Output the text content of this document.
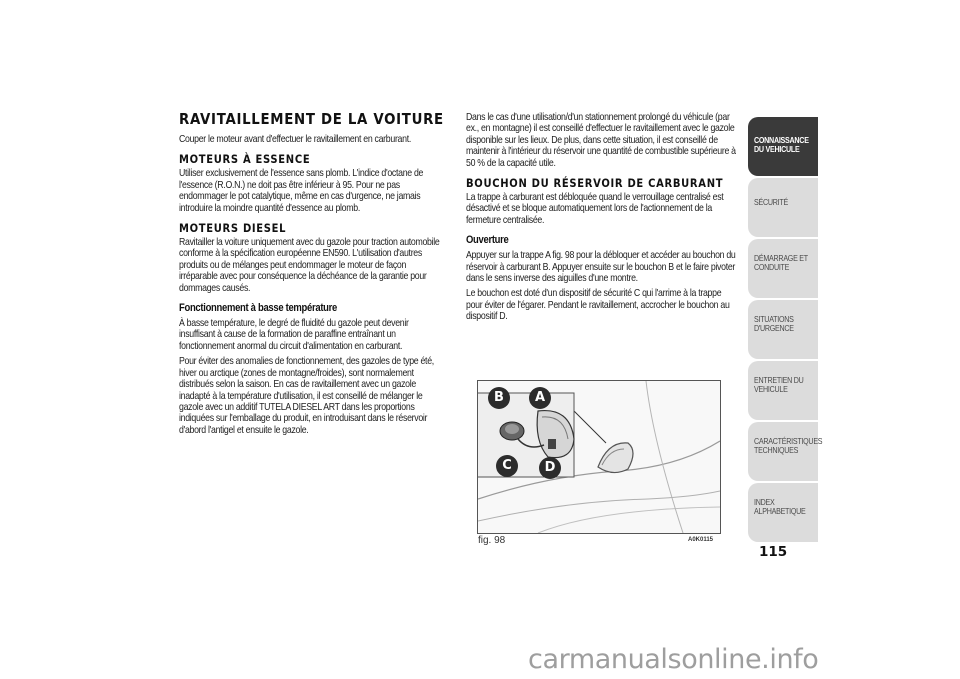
RAVITAILLEMENT DE LA VOITURE

Couper le moteur avant d'effectuer le ravitaillement en carburant.

MOTEURS À ESSENCE

Utiliser exclusivement de l'essence sans plomb. L'indice d'octane de l'essence (R.O.N.) ne doit pas être inférieur à 95. Pour ne pas endommager le pot catalytique, même en cas d'urgence, ne jamais introduire la moindre quantité d'essence au plomb.

MOTEURS DIESEL

Ravitailler la voiture uniquement avec du gazole pour traction automobile conforme à la spécification européenne EN590. L'utilisation d'autres produits ou de mélanges peut endommager le moteur de façon irréparable avec pour conséquence la déchéance de la garantie pour dommages causés.

Fonctionnement à basse température

À basse température, le degré de fluidité du gazole peut devenir insuffisant à cause de la formation de paraffine entraînant un fonctionnement anormal du circuit d'alimentation en carburant.

Pour éviter des anomalies de fonctionnement, des gazoles de type été, hiver ou arctique (zones de montagne/froides), sont normalement distribués selon la saison. En cas de ravitaillement avec un gazole inadapté à la température d'utilisation, il est conseillé de mélanger le gazole avec un additif TUTELA DIESEL ART dans les proportions indiquées sur l'emballage du produit, en introduisant dans le réservoir d'abord l'antigel et ensuite le gazole.

Dans le cas d'une utilisation/d'un stationnement prolongé du véhicule (par ex., en montagne) il est conseillé d'effectuer le ravitaillement avec le gazole disponible sur les lieux. De plus, dans cette situation, il est conseillé de maintenir à l'intérieur du réservoir une quantité de combustible supérieure à 50 % de la capacité utile.

BOUCHON DU RÉSERVOIR DE CARBURANT

La trappe à carburant est débloquée quand le verrouillage centralisé est désactivé et se bloque automatiquement lors de l'actionnement de la fermeture centralisée.

Ouverture

Appuyer sur la trappe A fig. 98 pour la débloquer et accéder au bouchon du réservoir à carburant B. Appuyer ensuite sur le bouchon B et le faire pivoter dans le sens inverse des aiguilles d'une montre.

Le bouchon est doté d'un dispositif de sécurité C qui l'arrime à la trappe pour éviter de l'égarer. Pendant le ravitaillement, accrocher le bouchon au dispositif D.

B	A
C	D
fig. 98	A0K0115
CONNAISSANCE DU VEHICULE
SÉCURITÉ
DÉMARRAGE ET CONDUITE
SITUATIONS D'URGENCE
ENTRETIEN DU VEHICULE
CARACTÉRISTIQUES TECHNIQUES
INDEX ALPHABETIQUE
115
carmanualsonline.info
